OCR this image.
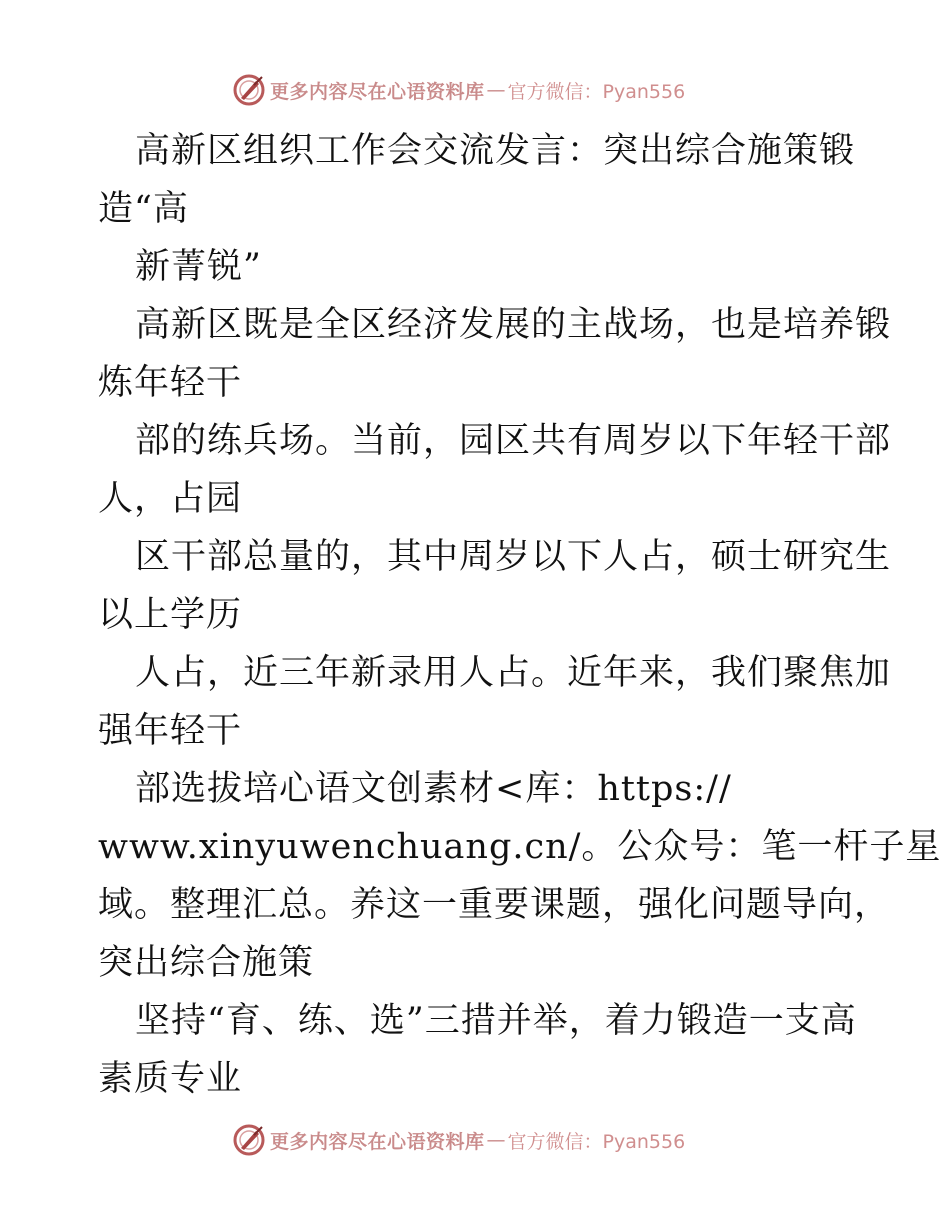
更多内容尽在心语资料库 — 官方微信：Pyan556
高新区组织工作会交流发言：突出综合施策锻
造“高
新菁锐”
高新区既是全区经济发展的主战场，也是培养锻
炼年轻干
部的练兵场。当前，园区共有周岁以下年轻干部
人，占园
区干部总量的，其中周岁以下人占，硕士研究生
以上学历
人占，近三年新录用人占。近年来，我们聚焦加
强年轻干
部选拔培心语文创素材<库：https://
www.xinyuwenchuang.cn/。公众号：笔一杆子星
域。整理汇总。养这一重要课题，强化问题导向，
突出综合施策
坚持“育、练、选”三措并举，着力锻造一支高
素质专业
更多内容尽在心语资料库 — 官方微信：Pyan556
